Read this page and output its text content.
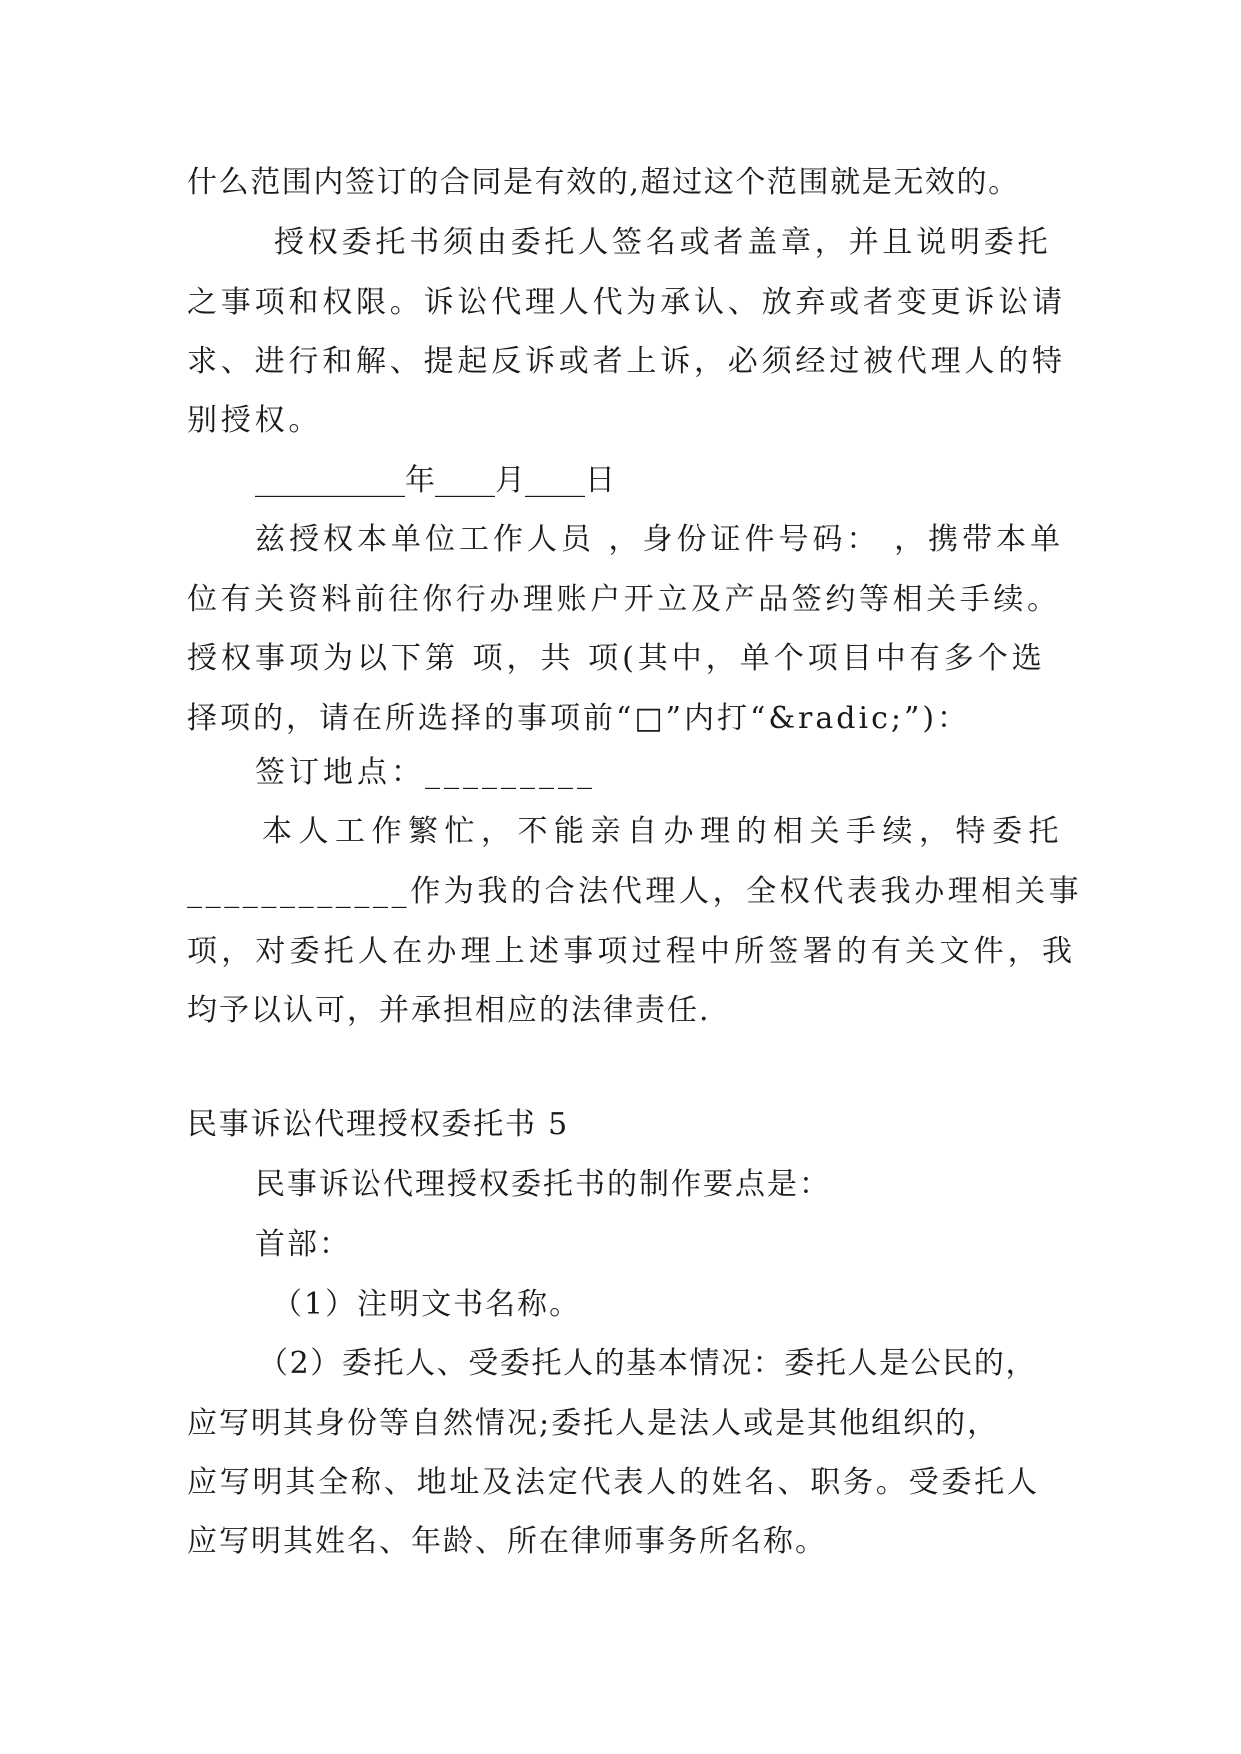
什么范围内签订的合同是有效的,超过这个范围就是无效的。

授权委托书须由委托人签名或者盖章，并且说明委托

之事项和权限。诉讼代理人代为承认、放弃或者变更诉讼请

求、进行和解、提起反诉或者上诉，必须经过被代理人的特

别授权。

__________年____月____日

兹授权本单位工作人员 ，身份证件号码： ，携带本单

位有关资料前往你行办理账户开立及产品签约等相关手续。

授权事项为以下第 项，共 项(其中，单个项目中有多个选

择项的，请在所选择的事项前“□”内打“&radic;”)：

签订地点：_________

本人工作繁忙，不能亲自办理的相关手续，特委托

____________作为我的合法代理人，全权代表我办理相关事

项，对委托人在办理上述事项过程中所签署的有关文件，我

均予以认可，并承担相应的法律责任.

民事诉讼代理授权委托书 5

民事诉讼代理授权委托书的制作要点是：

首部：

（1）注明文书名称。

（2）委托人、受委托人的基本情况：委托人是公民的，

应写明其身份等自然情况;委托人是法人或是其他组织的，

应写明其全称、地址及法定代表人的姓名、职务。受委托人

应写明其姓名、年龄、所在律师事务所名称。
